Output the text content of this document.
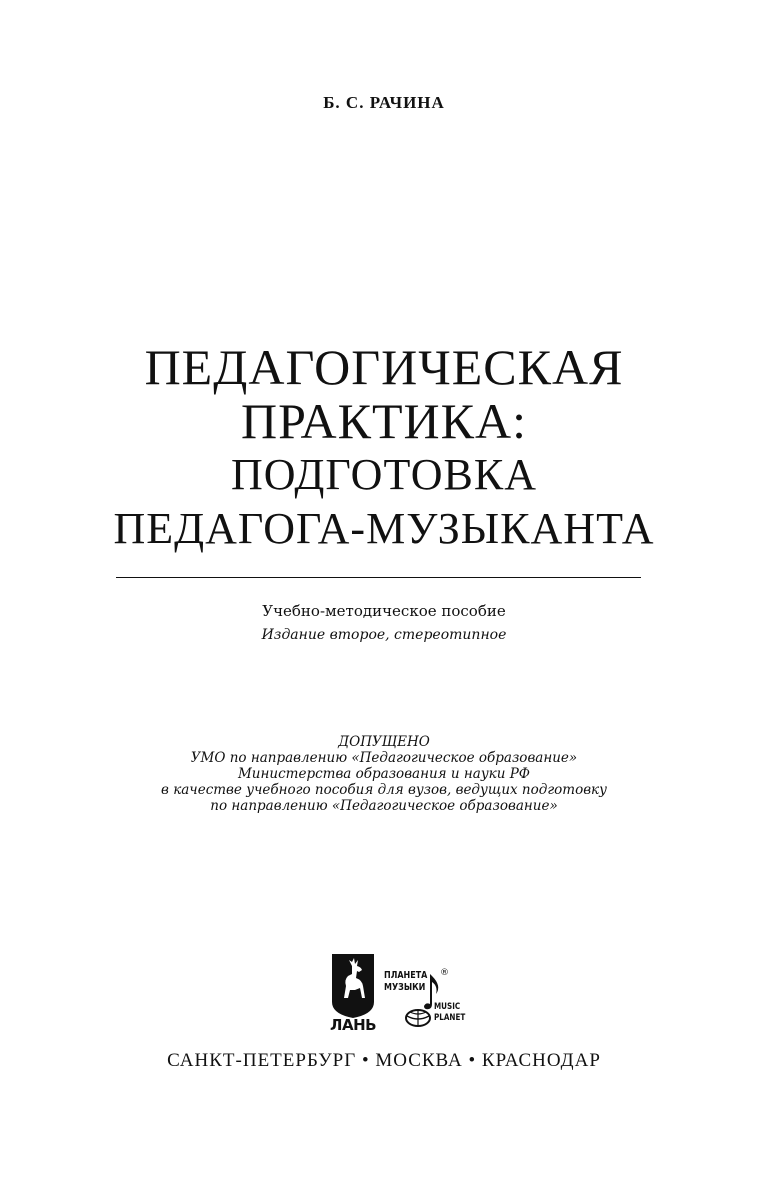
Б. С. РАЧИНА
ПЕДАГОГИЧЕСКАЯ
ПРАКТИКА:
ПОДГОТОВКА
ПЕДАГОГА-МУЗЫКАНТА
Учебно-методическое пособие
Издание второе, стереотипное
ДОПУЩЕНО
УМО по направлению «Педагогическое образование»
Министерства образования и науки РФ
в качестве учебного пособия для вузов, ведущих подготовку
по направлению «Педагогическое образование»
ЛАНЬ
ПЛАНЕТА
МУЗЫКИ
®
MUSIC
PLANET
САНКТ-ПЕТЕРБУРГ • МОСКВА • КРАСНОДАР
